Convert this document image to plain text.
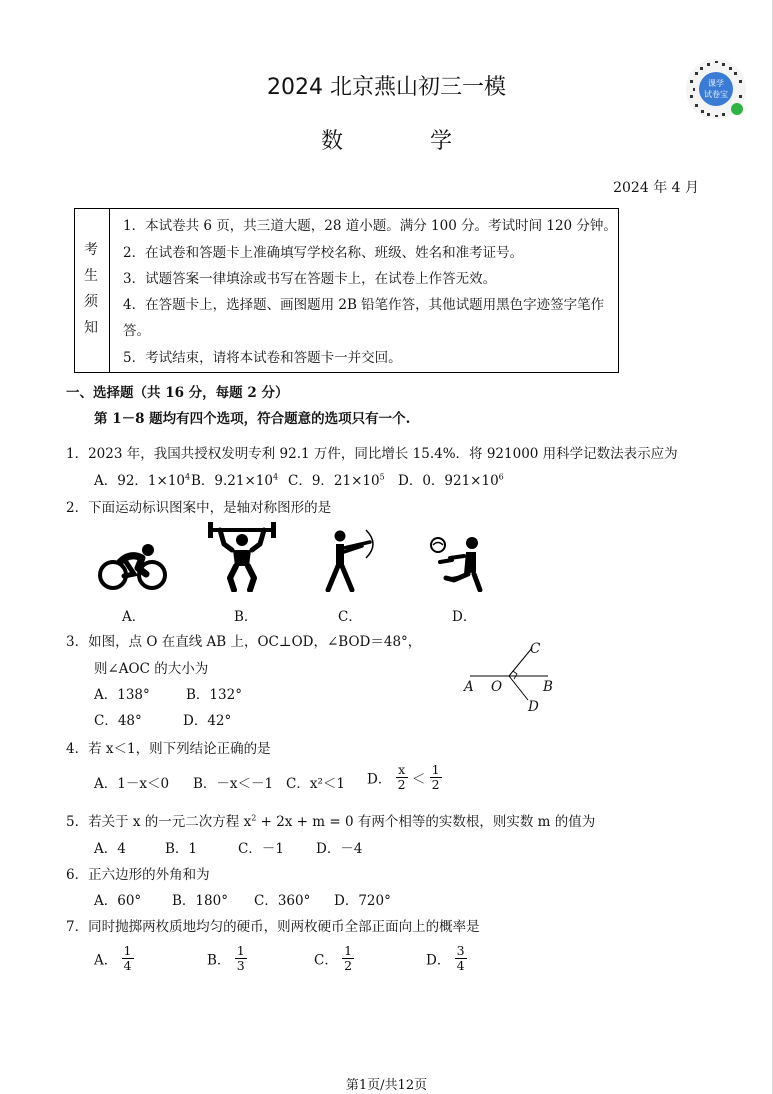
2024 北京燕山初三一模
数 学
课学
试卷宝
2024 年 4 月
考
生
须
知
1．本试卷共 6 页，共三道大题，28 道小题。满分 100 分。考试时间 120 分钟。
2．在试卷和答题卡上准确填写学校名称、班级、姓名和准考证号。
3．试题答案一律填涂或书写在答题卡上，在试卷上作答无效。
4．在答题卡上，选择题、画图题用 2B 铅笔作答，其他试题用黑色字迹签字笔作
答。
5．考试结束，请将本试卷和答题卡一并交回。
一、选择题（共 16 分，每题 2 分）
第 1－8 题均有四个选项，符合题意的选项只有一个.
1．2023 年，我国共授权发明专利 92.1 万件，同比增长 15.4%．将 921000 用科学记数法表示应为
A．92．$1\times 10^4$ B．$9.21\times 10^4$ C．9．$21\times 10^5$ D．0．$921\times 10^6$
2．下面运动标识图案中，是轴对称图形的是
A．	B．	C．	D．
3．如图，点 O 在直线 AB 上，OC⊥OD，∠BOD＝48°，
则∠AOC 的大小为
A．138°	B．132°
C．48°	D．42°
A O	B
C
D
4．若 x＜1，则下列结论正确的是
A．1－x＜0 B．－x＜－1 C．x²＜1 D． $\frac{x}{2} < \frac{1}{2}$
5．若关于 x 的一元二次方程 $x^2 + 2x + m = 0$ 有两个相等的实数根，则实数 m 的值为
A．4	B．1	C．－1 D．－4
6．正六边形的外角和为
A．60° B．180° C．360° D．720°
7．同时抛掷两枚质地均匀的硬币，则两枚硬币全部正面向上的概率是
A． $\frac{1}{4}$	B． $\frac{1}{3}$	C． $\frac{1}{2}$	D． $\frac{3}{4}$
第1页/共12页
